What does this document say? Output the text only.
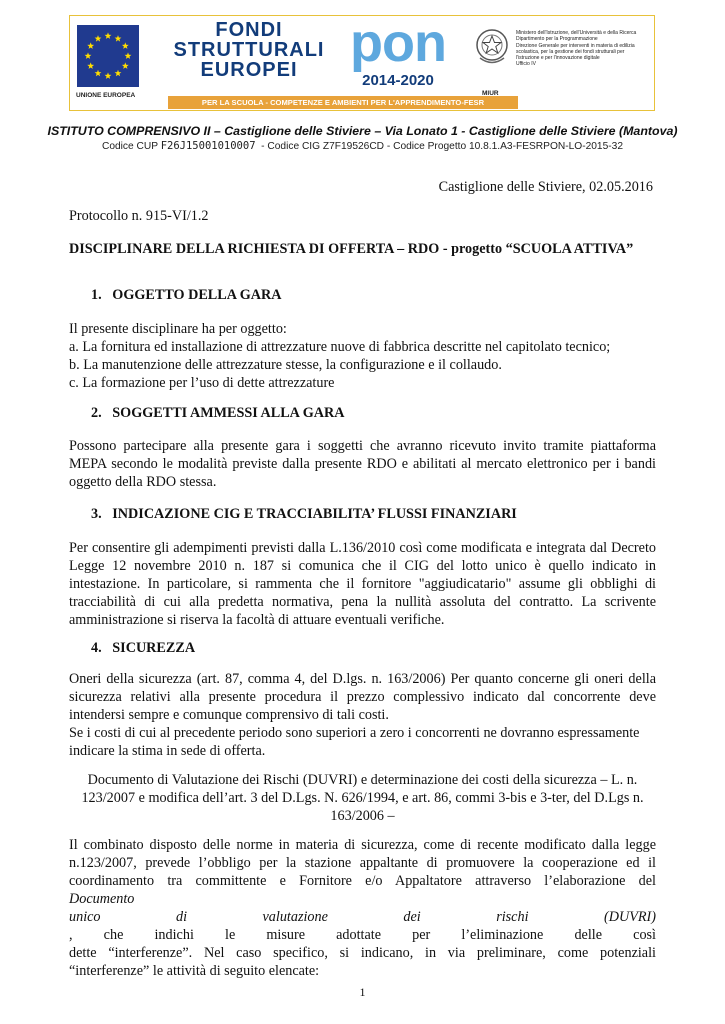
UNIONE EUROPEA
FONDI
STRUTTURALI
EUROPEI pon
2014-2020
PER LA SCUOLA - COMPETENZE E AMBIENTI PER L'APPRENDIMENTO-FESR
MIUR
Ministero dell'Istruzione, dell'Università e della Ricerca
Dipartimento per la Programmazione
Direzione Generale per interventi in materia di edilizia
scolastica, per la gestione dei fondi strutturali per
l'istruzione e per l'innovazione digitale
Ufficio IV
ISTITUTO COMPRENSIVO II – Castiglione delle Stiviere – Via Lonato 1 - Castiglione delle Stiviere (Mantova)
Codice CUP F26J15001010007  - Codice CIG Z7F19526CD - Codice Progetto 10.8.1.A3-FESRPON-LO-2015-32
Castiglione delle Stiviere, 02.05.2016
Protocollo n. 915-VI/1.2
DISCIPLINARE DELLA RICHIESTA DI OFFERTA – RDO - progetto “SCUOLA ATTIVA”
1.   OGGETTO DELLA GARA
Il presente disciplinare ha per oggetto:
a. La fornitura ed installazione di attrezzature nuove di fabbrica descritte nel capitolato tecnico;
b. La manutenzione delle attrezzature stesse, la configurazione e il collaudo.
c. La formazione per l’uso di dette attrezzature
2.   SOGGETTI AMMESSI ALLA GARA
Possono partecipare alla presente gara i soggetti che avranno ricevuto invito tramite piattaforma
MEPA secondo le modalità previste dalla presente RDO e abilitati al mercato elettronico per i bandi
oggetto della RDO stessa.
3.   INDICAZIONE CIG E TRACCIABILITA’ FLUSSI FINANZIARI
Per consentire gli adempimenti previsti dalla L.136/2010 così come modificata e integrata dal Decreto
Legge 12 novembre 2010 n. 187 si comunica che il CIG del lotto unico è quello indicato in
intestazione. In particolare, si rammenta che il fornitore "aggiudicatario" assume gli obblighi di
tracciabilità di cui alla predetta normativa, pena la nullità assoluta del contratto. La scrivente
amministrazione si riserva la facoltà di attuare eventuali verifiche.
4.   SICUREZZA
Oneri della sicurezza (art. 87, comma 4, del D.lgs. n. 163/2006) Per quanto concerne gli oneri della
sicurezza relativi alla presente procedura il prezzo complessivo indicato dal concorrente deve
intendersi sempre e comunque comprensivo di tali costi.
Se i costi di cui al precedente periodo sono superiori a zero i concorrenti ne dovranno espressamente
indicare la stima in sede di offerta.
Documento di Valutazione dei Rischi (DUVRI) e determinazione dei costi della sicurezza – L. n.
123/2007 e modifica dell’art. 3 del D.Lgs. N. 626/1994, e art. 86, commi 3-bis e 3-ter, del D.Lgs n.
163/2006 –
Il combinato disposto delle norme in materia di sicurezza, come di recente modificato dalla legge
n.123/2007, prevede l’obbligo per la stazione appaltante di promuovere la cooperazione ed il
coordinamento tra committente e Fornitore e/o Appaltatore attraverso l’elaborazione del
Documento
unico di valutazione dei rischi (DUVRI)
, che indichi le misure adottate per l’eliminazione delle così
dette “interferenze”. Nel caso specifico, si indicano, in via preliminare, come potenziali
“interferenze” le attività di seguito elencate:
1
